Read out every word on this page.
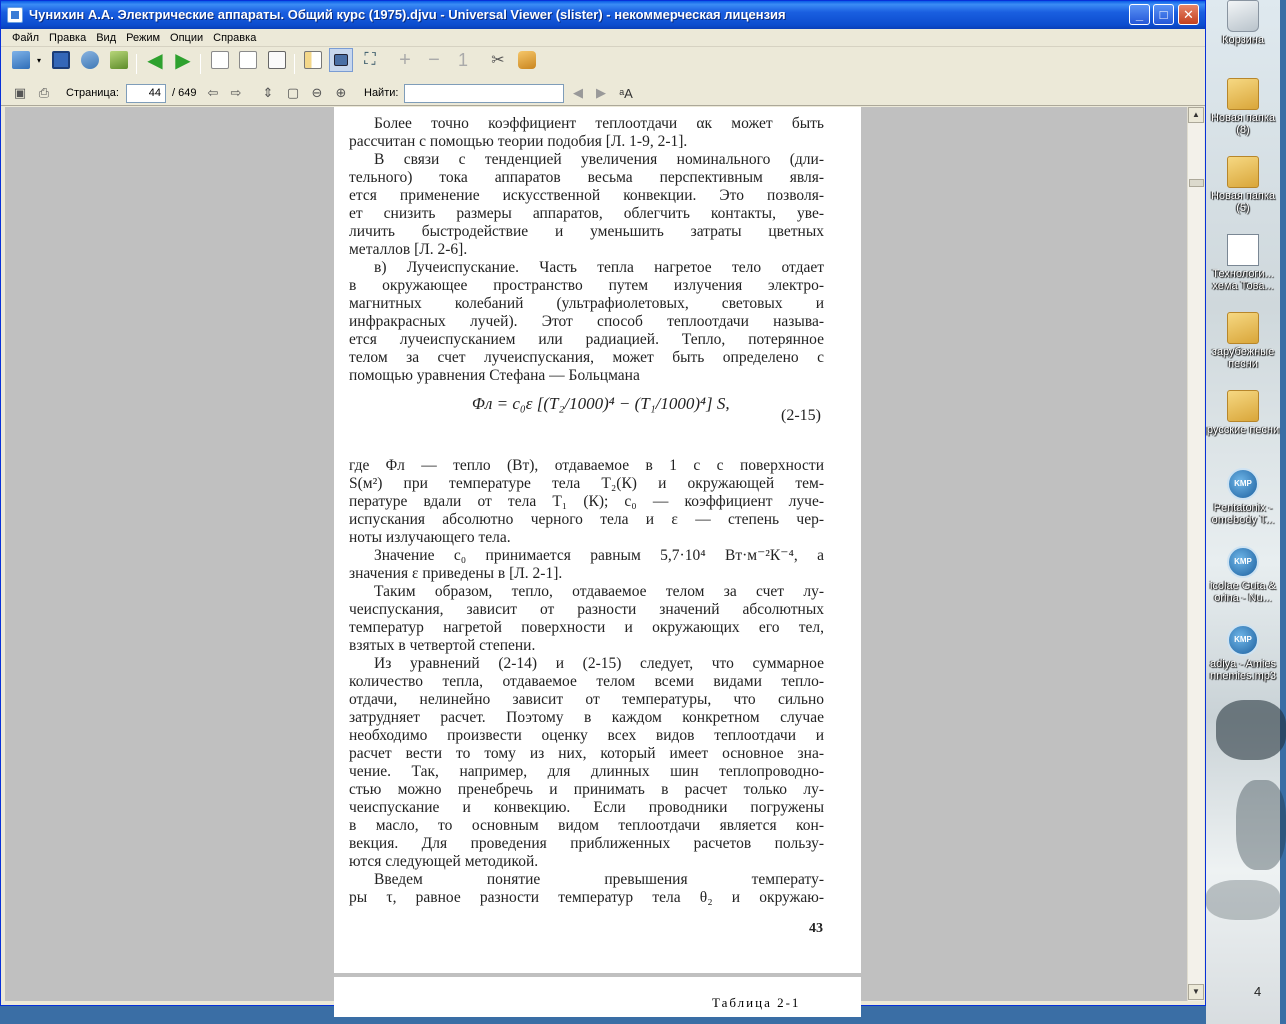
Чунихин А.А. Электрические аппараты. Общий курс (1975).djvu - Universal Viewer (slister) - некоммерческая лицензия	_	□	✕
Файл Правка Вид Режим Опции Справка
▾	◀ ▶	⛶	+ −	1	✂
▣ ⎙	Страница:	44	/ 649 ⇦ ⇨ ⇕ ▢ ⊖ ⊕	Найти:	◀	▶	ᵃA
Более точно коэффициент теплоотдачи αк может быть
рассчитан с помощью теории подобия [Л. 1-9, 2-1].
В связи с тенденцией увеличения номинального (дли-
тельного) тока аппаратов весьма перспективным явля-
ется применение искусственной конвекции. Это позволя-
ет снизить размеры аппаратов, облегчить контакты, уве-
личить быстродействие и уменьшить затраты цветных
металлов [Л. 2-6].
в) Лучеиспускание. Часть тепла нагретое тело отдает
в окружающее пространство путем излучения электро-
магнитных колебаний (ультрафиолетовых, световых и
инфракрасных лучей). Этот способ теплоотдачи называ-
ется лучеиспусканием или радиацией. Тепло, потерянное
телом за счет лучеиспускания, может быть определено с
помощью уравнения Стефана — Больцмана
Φл = c₀ε [(T₂/1000)⁴ − (T₁/1000)⁴] S,
(2-15)
где Φл — тепло (Вт), отдаваемое в 1 с с поверхности
S(м²) при температуре тела T₂(К) и окружающей тем-
пературе вдали от тела T₁ (К); c₀ — коэффициент луче-
испускания абсолютно черного тела и ε — степень чер-
ноты излучающего тела.
Значение c₀ принимается равным 5,7·10⁴ Вт·м⁻²К⁻⁴, а
значения ε приведены в [Л. 2-1].
Таким образом, тепло, отдаваемое телом за счет лу-
чеиспускания, зависит от разности значений абсолютных
температур нагретой поверхности и окружающих его тел,
взятых в четвертой степени.
Из уравнений (2-14) и (2-15) следует, что суммарное
количество тепла, отдаваемое телом всеми видами тепло-
отдачи, нелинейно зависит от температуры, что сильно
затрудняет расчет. Поэтому в каждом конкретном случае
необходимо произвести оценку всех видов теплоотдачи и
расчет вести то тому из них, который имеет основное зна-
чение. Так, например, для длинных шин теплопроводно-
стью можно пренебречь и принимать в расчет только лу-
чеиспускание и конвекцию. Если проводники погружены
в масло, то основным видом теплоотдачи является кон-
векция. Для проведения приближенных расчетов пользу-
ются следующей методикой.
Введем понятие превышения температу-
ры τ, равное разности температур тела θ₂ и окружаю-
43
Таблица 2-1
▲
▼
Корзина
Новая папка (8)
Новая папка (5)
Технологи... хема Това...
зарубежные песни
русские песни
KMP
Pentatonix - omebody T...
KMP
icolae Guta & orina - Nu...
KMP
adiya - Amies nnemies.mp3
4
